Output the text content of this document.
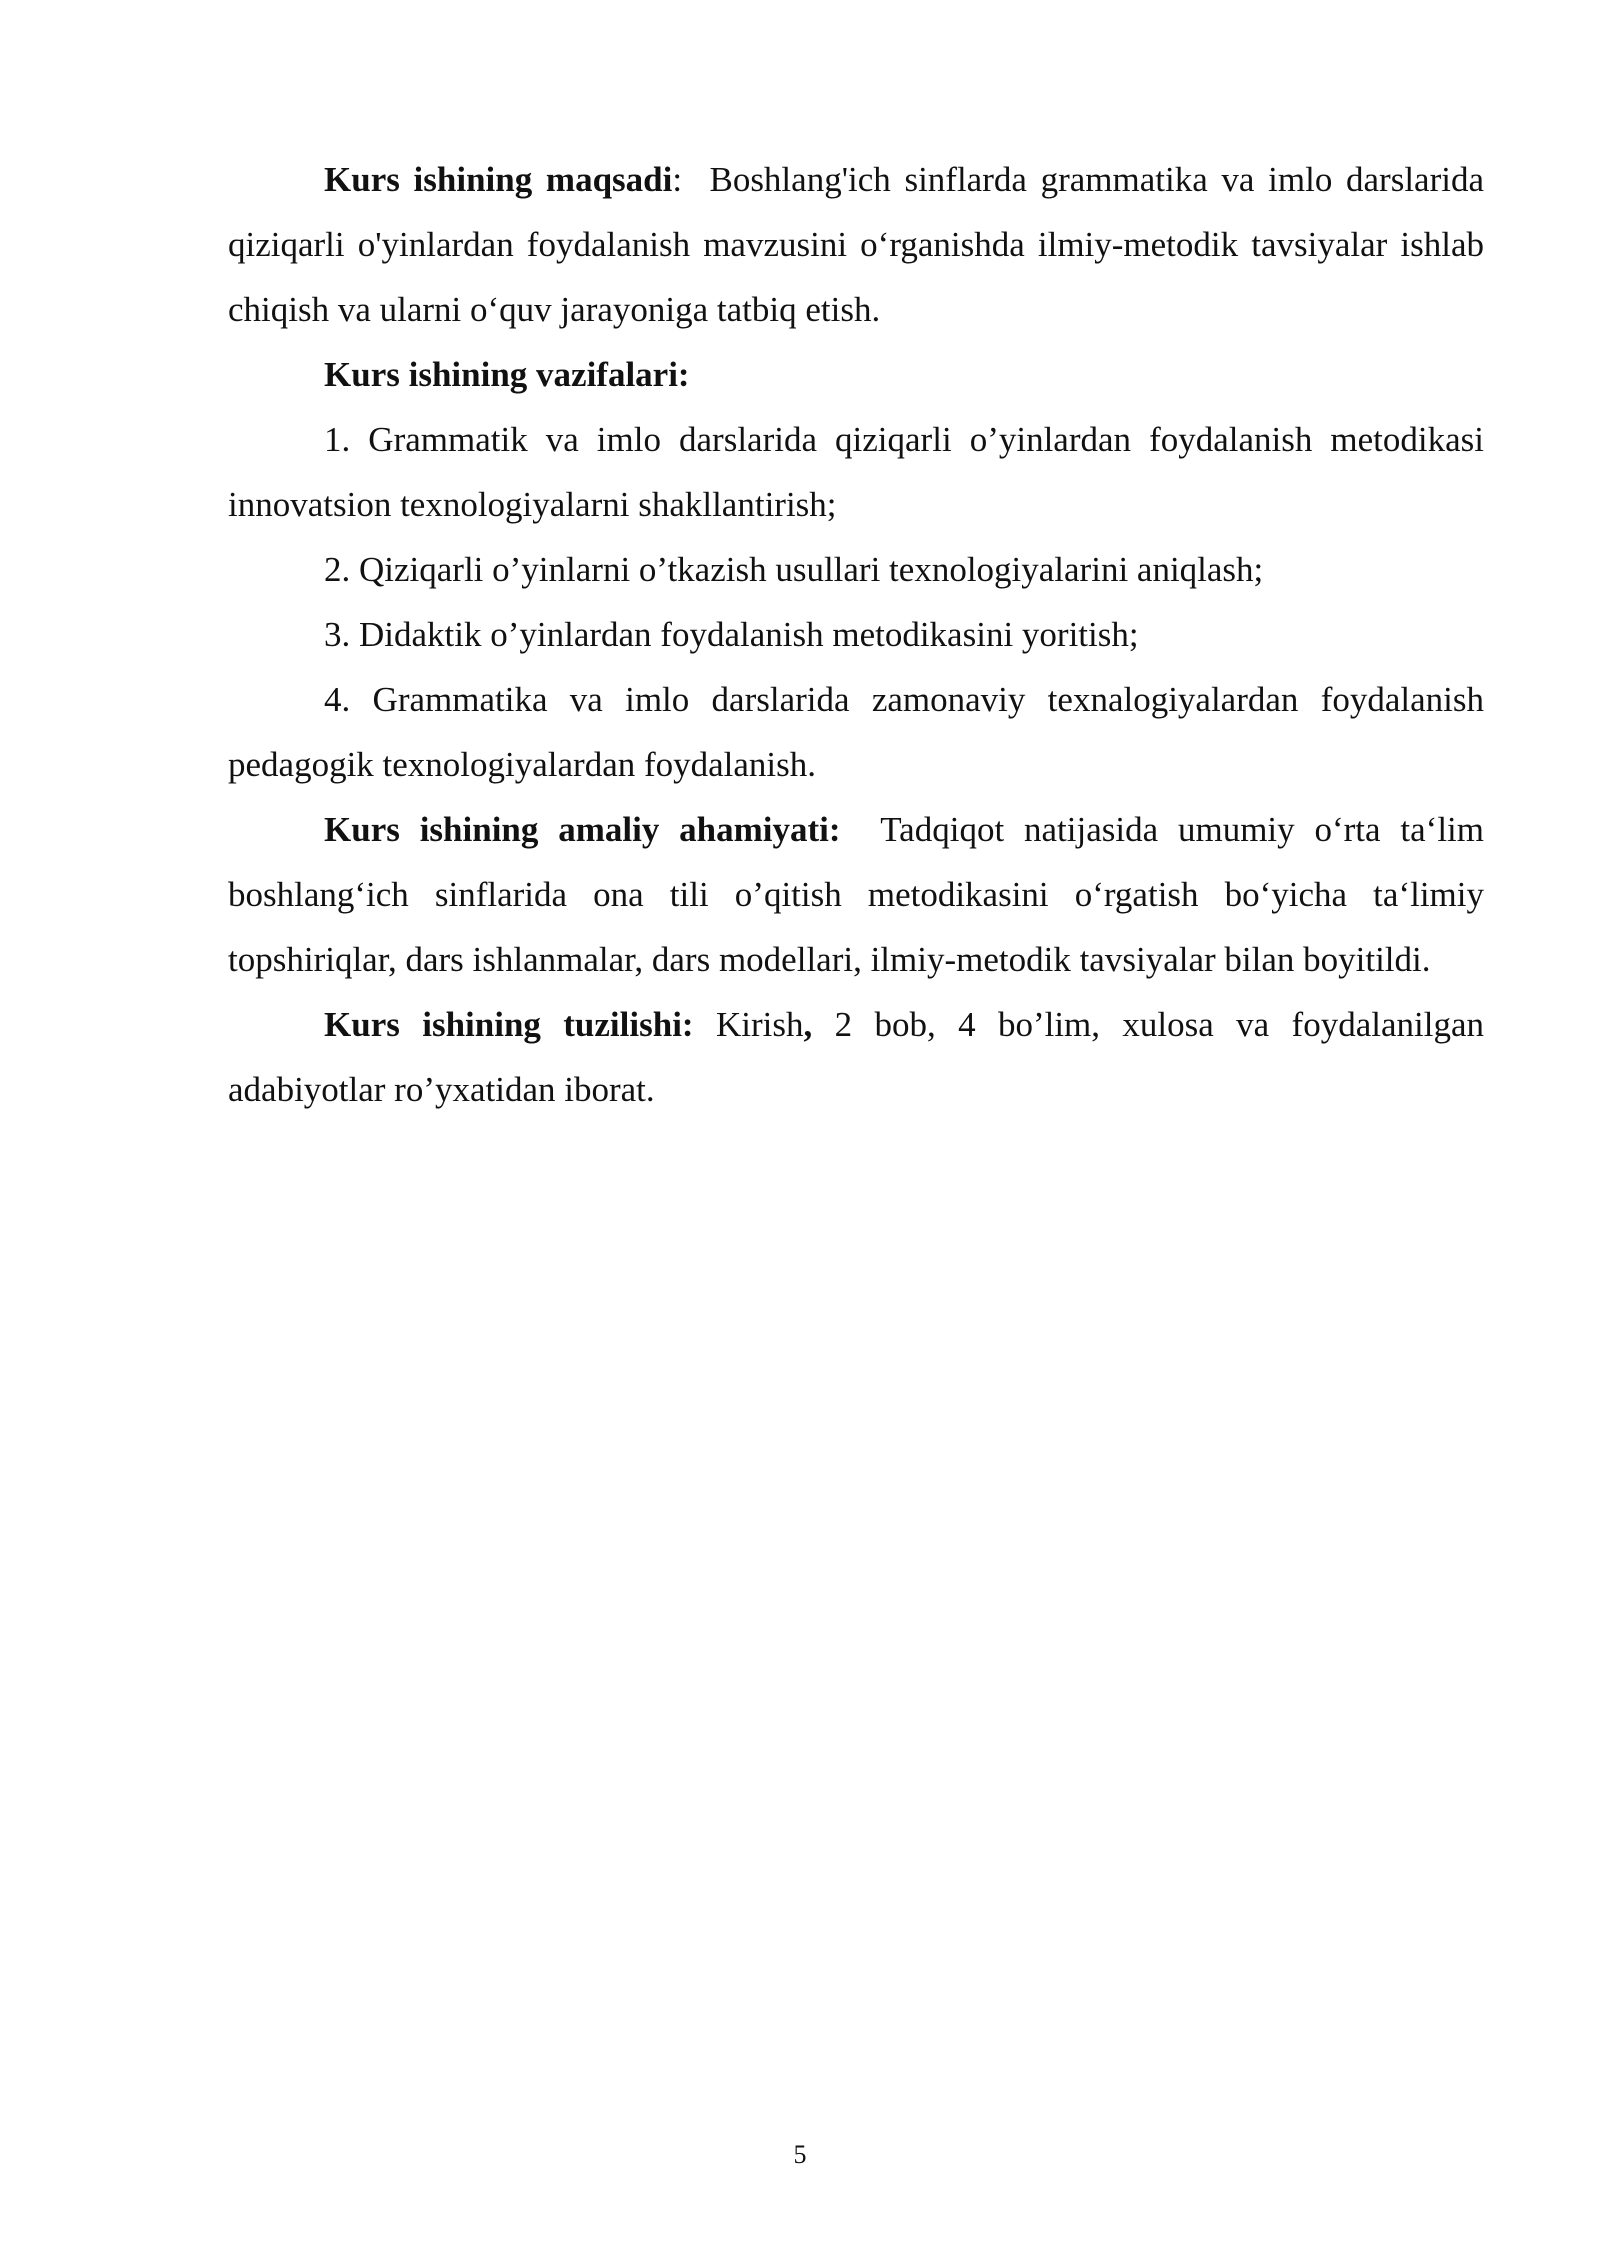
Kurs ishining maqsadi: Boshlang'ich sinflarda grammatika va imlo darslarida qiziqarli o'yinlardan foydalanish mavzusini o‘rganishda ilmiy-metodik tavsiyalar ishlab chiqish va ularni o‘quv jarayoniga tatbiq etish.

Kurs ishining vazifalari:

1. Grammatik va imlo darslarida qiziqarli o’yinlardan foydalanish metodikasi innovatsion texnologiyalarni shakllantirish;

2. Qiziqarli o’yinlarni o’tkazish usullari texnologiyalarini aniqlash;

3. Didaktik o’yinlardan foydalanish metodikasini yoritish;

4. Grammatika va imlo darslarida zamonaviy texnalogiyalardan foydalanish pedagogik texnologiyalardan foydalanish.

Kurs ishining amaliy ahamiyati: Tadqiqot natijasida umumiy o‘rta ta‘lim boshlang‘ich sinflarida ona tili o’qitish metodikasini o‘rgatish bo‘yicha ta‘limiy topshiriqlar, dars ishlanmalar, dars modellari, ilmiy-metodik tavsiyalar bilan boyitildi.

Kurs ishining tuzilishi: Kirish, 2 bob, 4 bo’lim, xulosa va foydalanilgan adabiyotlar ro’yxatidan iborat.

5
